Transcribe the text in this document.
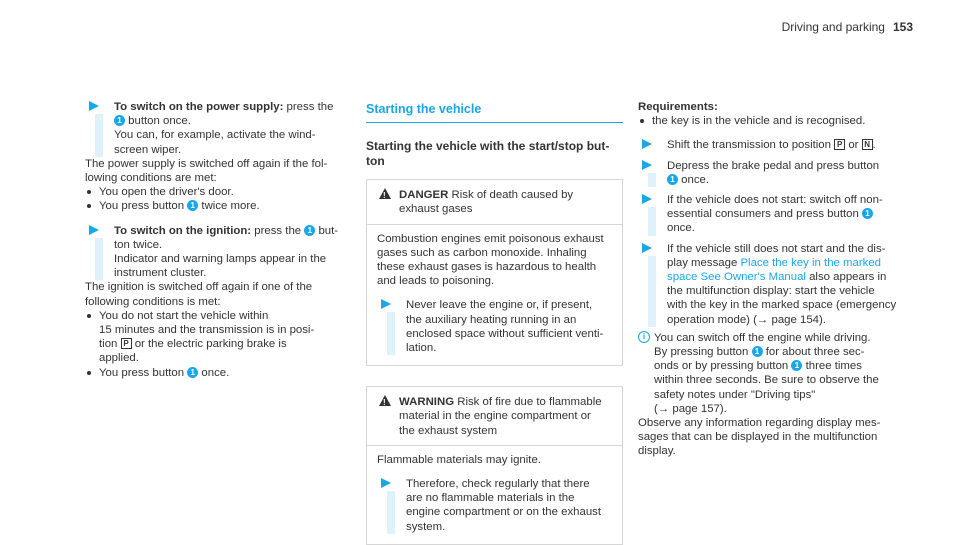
Driving and parking 153

To switch on the power supply: press the

1 button once.

You can, for example, activate the wind-

screen wiper.

The power supply is switched off again if the fol-

lowing conditions are met:

You open the driver's door.

You press button 1 twice more.

To switch on the ignition: press the 1 but-

ton twice.

Indicator and warning lamps appear in the

instrument cluster.

The ignition is switched off again if one of the

following conditions is met:

You do not start the vehicle within

15 minutes and the transmission is in posi-

tion P or the electric parking brake is

applied.

You press button 1 once.

Starting the vehicle

Starting the vehicle with the start/stop but-

ton

!

DANGER Risk of death caused by

exhaust gases

Combustion engines emit poisonous exhaust

gases such as carbon monoxide. Inhaling

these exhaust gases is hazardous to health

and leads to poisoning.

Never leave the engine or, if present,

the auxiliary heating running in an

enclosed space without sufficient venti-

lation.

!

WARNING Risk of fire due to flammable

material in the engine compartment or

the exhaust system

Flammable materials may ignite.

Therefore, check regularly that there

are no flammable materials in the

engine compartment or on the exhaust

system.

Requirements:

the key is in the vehicle and is recognised.

Shift the transmission to position P or N .

Depress the brake pedal and press button

1 once.

If the vehicle does not start: switch off non-

essential consumers and press button 1

once.

If the vehicle still does not start and the dis-

play message Place the key in the marked

space See Owner's Manual also appears in

the multifunction display: start the vehicle

with the key in the marked space (emergency

operation mode) (→ page 154).

i You can switch off the engine while driving.

By pressing button 1 for about three sec-

onds or by pressing button 1 three times

within three seconds. Be sure to observe the

safety notes under "Driving tips"

(→ page 157).

Observe any information regarding display mes-

sages that can be displayed in the multifunction

display.
